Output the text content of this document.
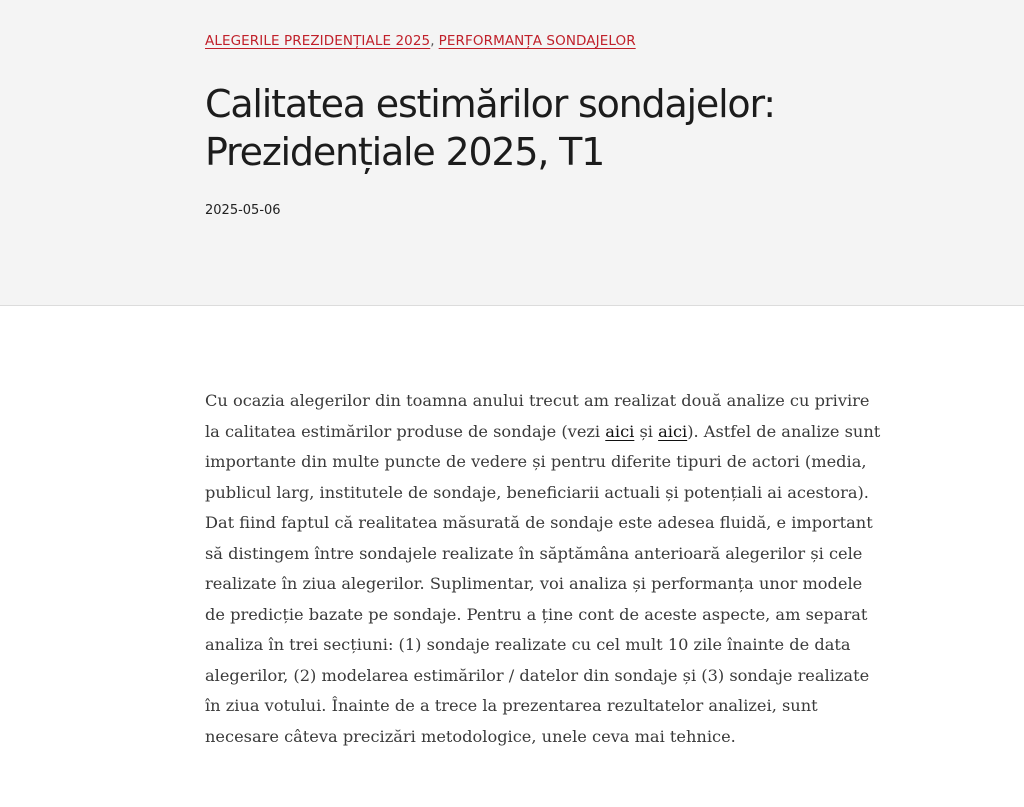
ALEGERILE PREZIDENȚIALE 2025, PERFORMANȚA SONDAJELOR
Calitatea estimărilor sondajelor:
Prezidențiale 2025, T1
2025-05-06

Cu ocazia alegerilor din toamna anului trecut am realizat două analize cu privire la calitatea estimărilor produse de sondaje (vezi aici și aici). Astfel de analize sunt importante din multe puncte de vedere și pentru diferite tipuri de actori (media, publicul larg, institutele de sondaje, beneficiarii actuali și potențiali ai acestora). Dat fiind faptul că realitatea măsurată de sondaje este adesea fluidă, e important să distingem între sondajele realizate în săptămâna anterioară alegerilor și cele realizate în ziua alegerilor. Suplimentar, voi analiza și performanța unor modele de predicție bazate pe sondaje. Pentru a ține cont de aceste aspecte, am separat analiza în trei secțiuni: (1) sondaje realizate cu cel mult 10 zile înainte de data alegerilor, (2) modelarea estimărilor / datelor din sondaje și (3) sondaje realizate în ziua votului. Înainte de a trece la prezentarea rezultatelor analizei, sunt necesare câteva precizări metodologice, unele ceva mai tehnice.
